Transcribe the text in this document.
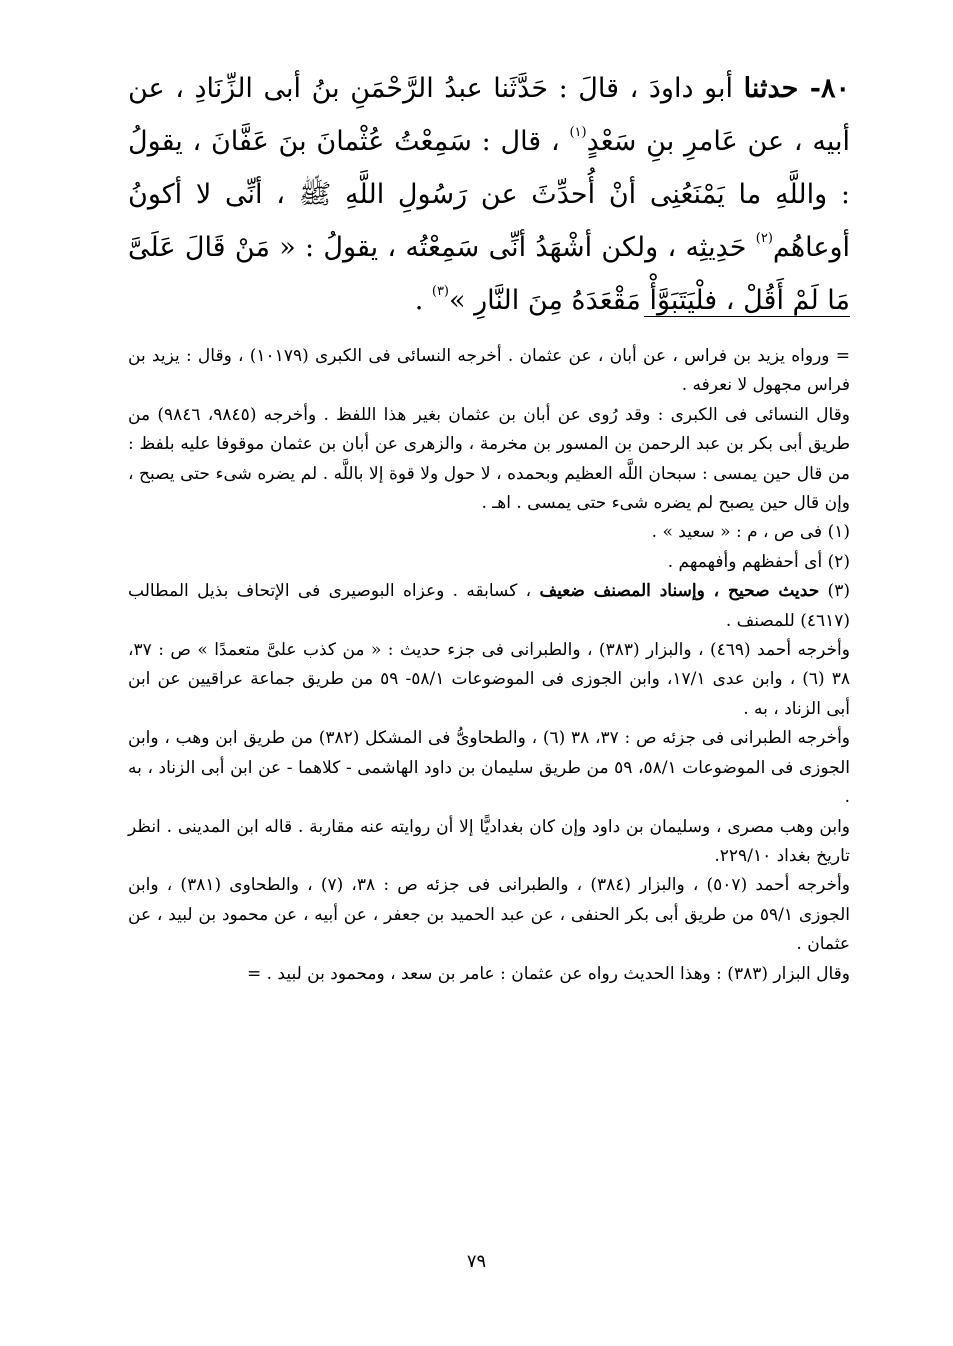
٨٠- حدثنا أبو داودَ ، قالَ : حَدَّثَنا عبدُ الرَّحْمَنِ بنُ أبى الزِّنَادِ ، عن أبيه ، عن عَامرِ بنِ سَعْدٍ$^{(١)}$ ، قال : سَمِعْتُ عُثْمانَ بنَ عَفَّانَ ، يقولُ : واللَّهِ ما يَمْنَعُنِى أنْ أُحدِّثَ عن رَسُولِ اللَّهِ ﷺ ، أنِّى لا أكونُ أوعاهُم$^{(٢)}$ حَدِيثِه ، ولكن أشْهَدُ أنِّى سَمِعْتُه ، يقولُ : « مَنْ قَالَ عَلَىَّ مَا لَمْ أَقُلْ ، فلْيَتَبَوَّأْ مَقْعَدَهُ مِنَ النَّارِ »$^{(٣)}$ .

= ورواه يزيد بن فراس ، عن أبان ، عن عثمان . أخرجه النسائى فى الكبرى (١٠١٧٩) ، وقال : يزيد بن فراس مجهول لا نعرفه .

وقال النسائى فى الكبرى : وقد رُوى عن أبان بن عثمان بغير هذا اللفظ . وأخرجه (٩٨٤٥، ٩٨٤٦) من طريق أبى بكر بن عبد الرحمن بن المسور بن مخرمة ، والزهرى عن أبان بن عثمان موقوفا عليه بلفظ : من قال حين يمسى : سبحان اللَّه العظيم وبحمده ، لا حول ولا قوة إلا باللَّه . لم يضره شىء حتى يصبح ، وإن قال حين يصبح لم يضره شىء حتى يمسى . اهـ .

(١) فى ص ، م : « سعيد » .

(٢) أى أحفظهم وأفهمهم .

(٣) حديث صحيح ، وإسناد المصنف ضعيف ، كسابقه . وعزاه البوصيرى فى الإتحاف بذيل المطالب (٤٦١٧) للمصنف .

وأخرجه أحمد (٤٦٩) ، والبزار (٣٨٣) ، والطبرانى فى جزء حديث : « من كذب علىَّ متعمدًا » ص : ٣٧، ٣٨ (٦) ، وابن عدى ١/‏١٧، وابن الجوزى فى الموضوعات ١/‏٥٨- ٥٩ من طريق جماعة عراقيين عن ابن أبى الزناد ، به .

وأخرجه الطبرانى فى جزئه ص : ٣٧، ٣٨ (٦) ، والطحاوىُّ فى المشكل (٣٨٢) من طريق ابن وهب ، وابن الجوزى فى الموضوعات ١/‏٥٨، ٥٩ من طريق سليمان بن داود الهاشمى - كلاهما - عن ابن أبى الزناد ، به .

وابن وهب مصرى ، وسليمان بن داود وإن كان بغداديًّا إلا أن روايته عنه مقاربة . قاله ابن المدينى . انظر تاريخ بغداد ١٠/‏٢٢٩.

وأخرجه أحمد (٥٠٧) ، والبزار (٣٨٤) ، والطبرانى فى جزئه ص : ٣٨، (٧) ، والطحاوى (٣٨١) ، وابن الجوزى ١/‏٥٩ من طريق أبى بكر الحنفى ، عن عبد الحميد بن جعفر ، عن أبيه ، عن محمود بن لبيد ، عن عثمان .

وقال البزار (٣٨٣) : وهذا الحديث رواه عن عثمان : عامر بن سعد ، ومحمود بن لبيد . =

٧٩
